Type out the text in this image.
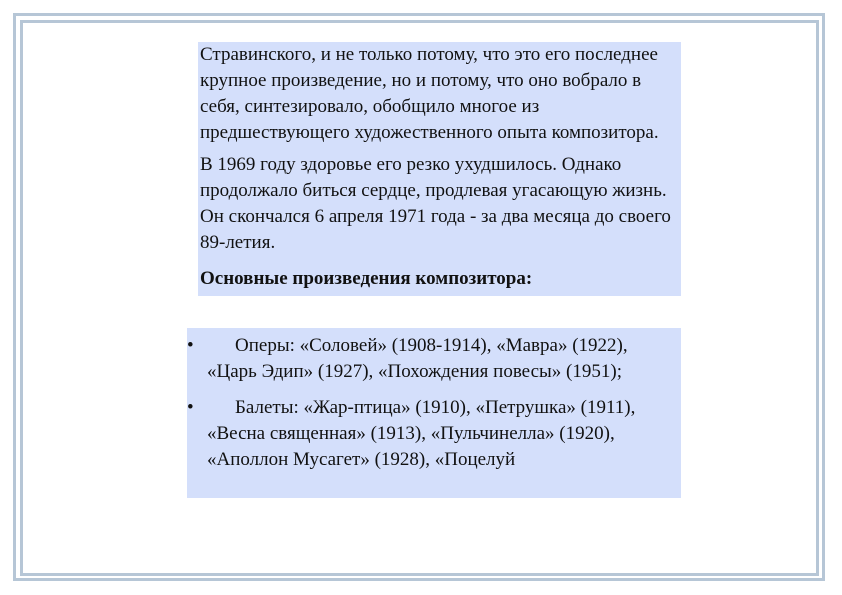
Стравинского, и не только потому, что это его последнее крупное произведение, но и потому, что оно вобрало в себя, синтезировало, обобщило многое из предшествующего художественного опыта композитора.

В 1969 году здоровье его резко ухудшилось. Однако продолжало биться сердце, продлевая угасающую жизнь. Он скончался 6 апреля 1971 года - за два месяца до своего 89-летия.

Основные произведения композитора:

•	Оперы: «Соловей» (1908-1914), «Мавра» (1922), «Царь Эдип» (1927), «Похождения повесы» (1951);
•	Балеты: «Жар-птица» (1910), «Петрушка» (1911), «Весна священная» (1913), «Пульчинелла» (1920), «Аполлон Мусагет» (1928), «Поцелуй
